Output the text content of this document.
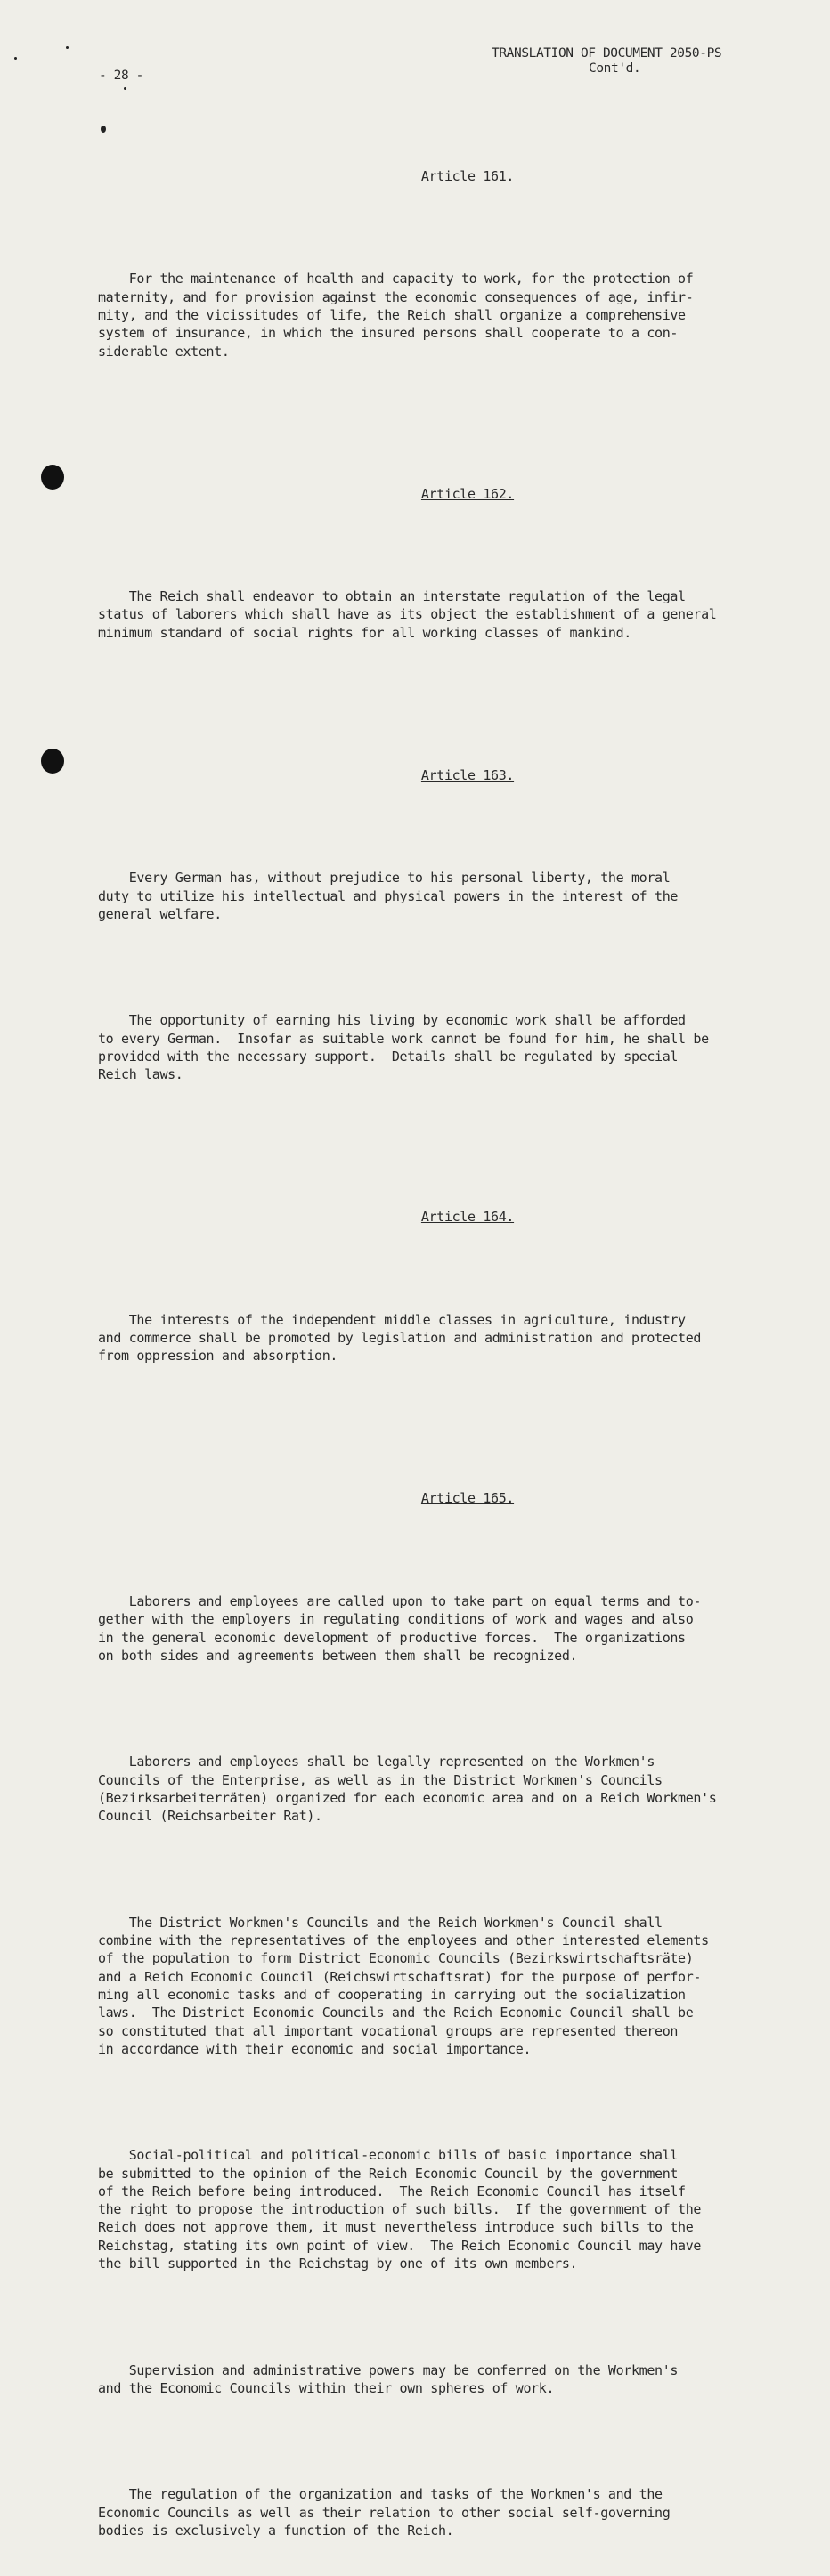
TRANSLATION OF DOCUMENT 2050-PS
Cont'd.
- 28 -

Article 161.

For the maintenance of health and capacity to work, for the protection of
maternity, and for provision against the economic consequences of age, infir-
mity, and the vicissitudes of life, the Reich shall organize a comprehensive
system of insurance, in which the insured persons shall cooperate to a con-
siderable extent.

Article 162.

The Reich shall endeavor to obtain an interstate regulation of the legal
status of laborers which shall have as its object the establishment of a general
minimum standard of social rights for all working classes of mankind.

Article 163.

Every German has, without prejudice to his personal liberty, the moral
duty to utilize his intellectual and physical powers in the interest of the
general welfare.

The opportunity of earning his living by economic work shall be afforded
to every German.  Insofar as suitable work cannot be found for him, he shall be
provided with the necessary support.  Details shall be regulated by special
Reich laws.

Article 164.

The interests of the independent middle classes in agriculture, industry
and commerce shall be promoted by legislation and administration and protected
from oppression and absorption.

Article 165.

Laborers and employees are called upon to take part on equal terms and to-
gether with the employers in regulating conditions of work and wages and also
in the general economic development of productive forces.  The organizations
on both sides and agreements between them shall be recognized.

Laborers and employees shall be legally represented on the Workmen's
Councils of the Enterprise, as well as in the District Workmen's Councils
(Bezirksarbeiterräten) organized for each economic area and on a Reich Workmen's
Council (Reichsarbeiter Rat).

The District Workmen's Councils and the Reich Workmen's Council shall
combine with the representatives of the employees and other interested elements
of the population to form District Economic Councils (Bezirkswirtschaftsräte)
and a Reich Economic Council (Reichswirtschaftsrat) for the purpose of perfor-
ming all economic tasks and of cooperating in carrying out the socialization
laws.  The District Economic Councils and the Reich Economic Council shall be
so constituted that all important vocational groups are represented thereon
in accordance with their economic and social importance.

Social-political and political-economic bills of basic importance shall
be submitted to the opinion of the Reich Economic Council by the government
of the Reich before being introduced.  The Reich Economic Council has itself
the right to propose the introduction of such bills.  If the government of the
Reich does not approve them, it must nevertheless introduce such bills to the
Reichstag, stating its own point of view.  The Reich Economic Council may have
the bill supported in the Reichstag by one of its own members.

Supervision and administrative powers may be conferred on the Workmen's
and the Economic Councils within their own spheres of work.

The regulation of the organization and tasks of the Workmen's and the
Economic Councils as well as their relation to other social self-governing
bodies is exclusively a function of the Reich.
